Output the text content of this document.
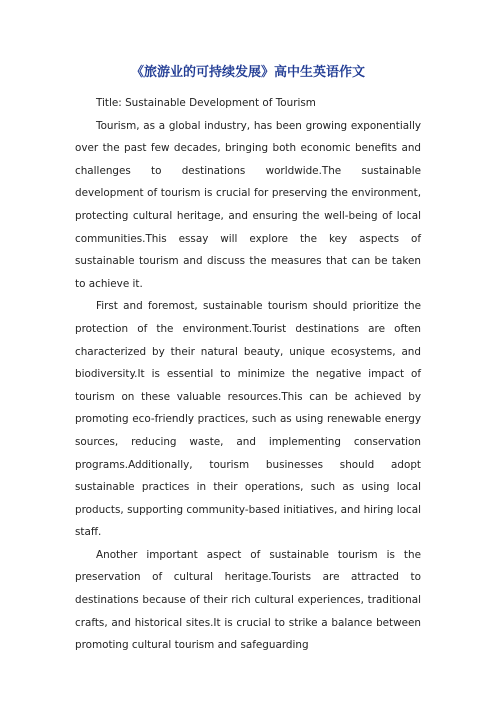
《旅游业的可持续发展》高中生英语作文

Title: Sustainable Development of Tourism

Tourism, as a global industry, has been growing exponentially over the past few decades, bringing both economic benefits and challenges to destinations worldwide.The sustainable development of tourism is crucial for preserving the environment, protecting cultural heritage, and ensuring the well-being of local communities.This essay will explore the key aspects of sustainable tourism and discuss the measures that can be taken to achieve it.

First and foremost, sustainable tourism should prioritize the protection of the environment.Tourist destinations are often characterized by their natural beauty, unique ecosystems, and biodiversity.It is essential to minimize the negative impact of tourism on these valuable resources.This can be achieved by promoting eco-friendly practices, such as using renewable energy sources, reducing waste, and implementing conservation programs.Additionally, tourism businesses should adopt sustainable practices in their operations, such as using local products, supporting community-based initiatives, and hiring local staff.

Another important aspect of sustainable tourism is the preservation of cultural heritage.Tourists are attracted to destinations because of their rich cultural experiences, traditional crafts, and historical sites.It is crucial to strike a balance between promoting cultural tourism and safeguarding
